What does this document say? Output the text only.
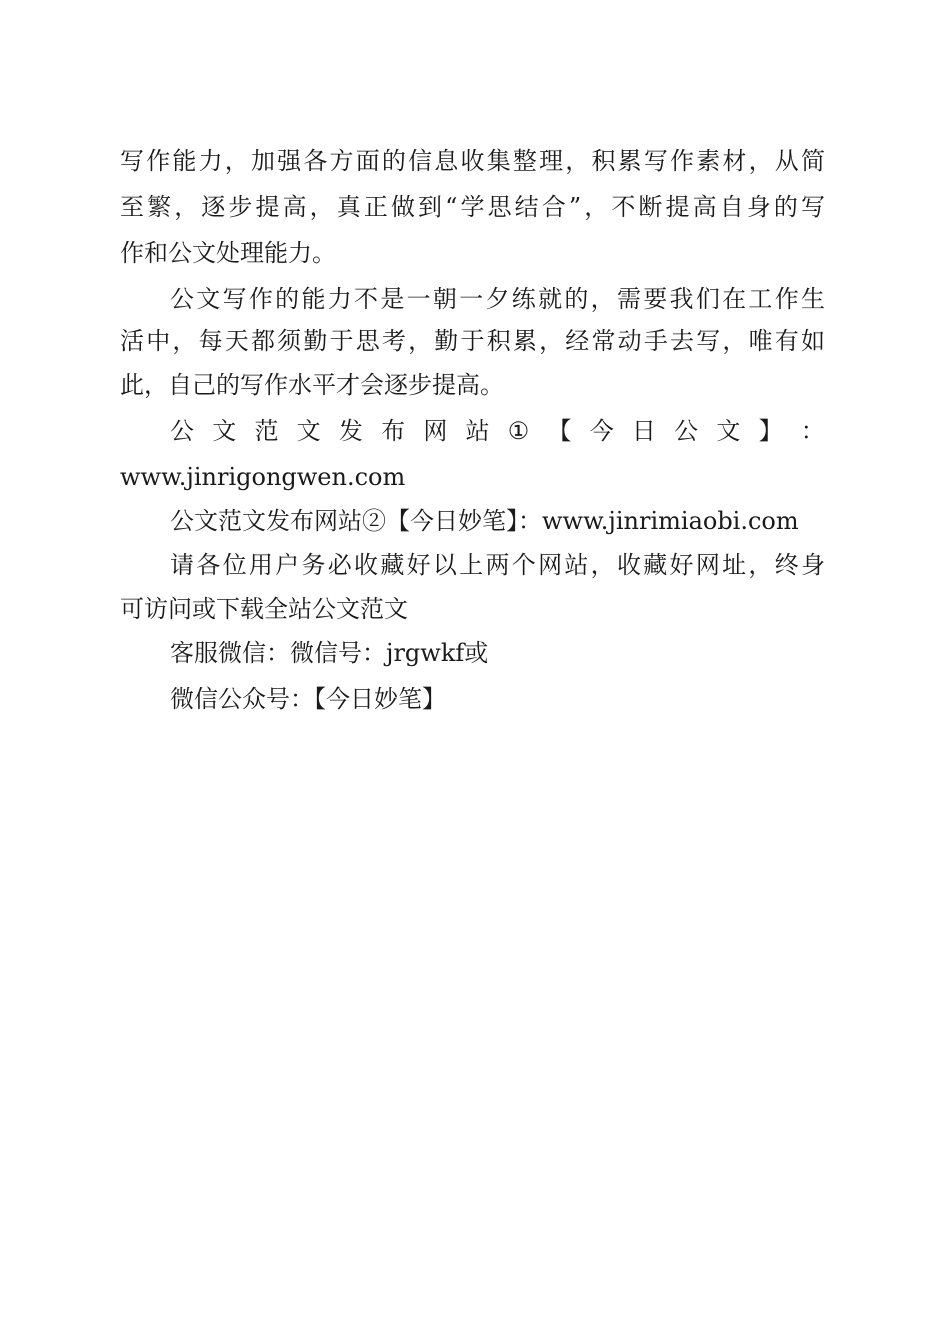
写作能力，加强各方面的信息收集整理，积累写作素材，从简
至繁，逐步提高，真正做到“学思结合”，不断提高自身的写
作和公文处理能力。
公文写作的能力不是一朝一夕练就的，需要我们在工作生
活中，每天都须勤于思考，勤于积累，经常动手去写，唯有如
此，自己的写作水平才会逐步提高。
公 文 范 文 发 布 网 站 ① 【 今 日 公 文 】 ：
www.jinrigongwen.com
公文范文发布网站②【今日妙笔】：www.jinrimiaobi.com
请各位用户务必收藏好以上两个网站，收藏好网址，终身
可访问或下载全站公文范文
客服微信：微信号：jrgwkf或
微信公众号：【今日妙笔】
